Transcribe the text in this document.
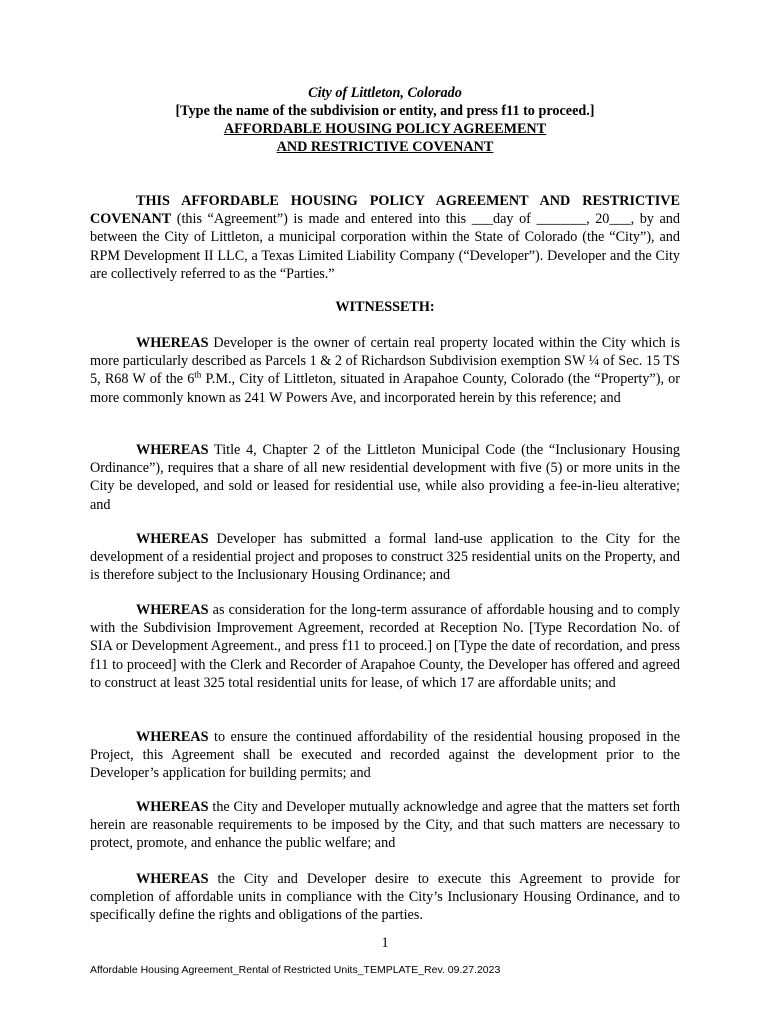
City of Littleton, Colorado
[Type the name of the subdivision or entity, and press f11 to proceed.]
AFFORDABLE HOUSING POLICY AGREEMENT
AND RESTRICTIVE COVENANT

THIS AFFORDABLE HOUSING POLICY AGREEMENT AND RESTRICTIVE COVENANT (this “Agreement”) is made and entered into this ___day of _______, 20___, by and between the City of Littleton, a municipal corporation within the State of Colorado (the “City”), and RPM Development II LLC, a Texas Limited Liability Company (“Developer”). Developer and the City are collectively referred to as the “Parties.”

WITNESSETH:

WHEREAS Developer is the owner of certain real property located within the City which is more particularly described as Parcels 1 & 2 of Richardson Subdivision exemption SW ¼ of Sec. 15 TS 5, R68 W of the 6th P.M., City of Littleton, situated in Arapahoe County, Colorado (the “Property”), or more commonly known as 241 W Powers Ave, and incorporated herein by this reference; and

WHEREAS Title 4, Chapter 2 of the Littleton Municipal Code (the “Inclusionary Housing Ordinance”), requires that a share of all new residential development with five (5) or more units in the City be developed, and sold or leased for residential use, while also providing a fee-in-lieu alterative; and

WHEREAS Developer has submitted a formal land-use application to the City for the development of a residential project and proposes to construct 325 residential units on the Property, and is therefore subject to the Inclusionary Housing Ordinance; and

WHEREAS as consideration for the long-term assurance of affordable housing and to comply with the Subdivision Improvement Agreement, recorded at Reception No. [Type Recordation No. of SIA or Development Agreement., and press f11 to proceed.] on [Type the date of recordation, and press f11 to proceed] with the Clerk and Recorder of Arapahoe County, the Developer has offered and agreed to construct at least 325 total residential units for lease, of which 17 are affordable units; and

WHEREAS to ensure the continued affordability of the residential housing proposed in the Project, this Agreement shall be executed and recorded against the development prior to the Developer’s application for building permits; and

WHEREAS the City and Developer mutually acknowledge and agree that the matters set forth herein are reasonable requirements to be imposed by the City, and that such matters are necessary to protect, promote, and enhance the public welfare; and

WHEREAS the City and Developer desire to execute this Agreement to provide for completion of affordable units in compliance with the City’s Inclusionary Housing Ordinance, and to specifically define the rights and obligations of the parties.

1
Affordable Housing Agreement_Rental of Restricted Units_TEMPLATE_Rev. 09.27.2023
